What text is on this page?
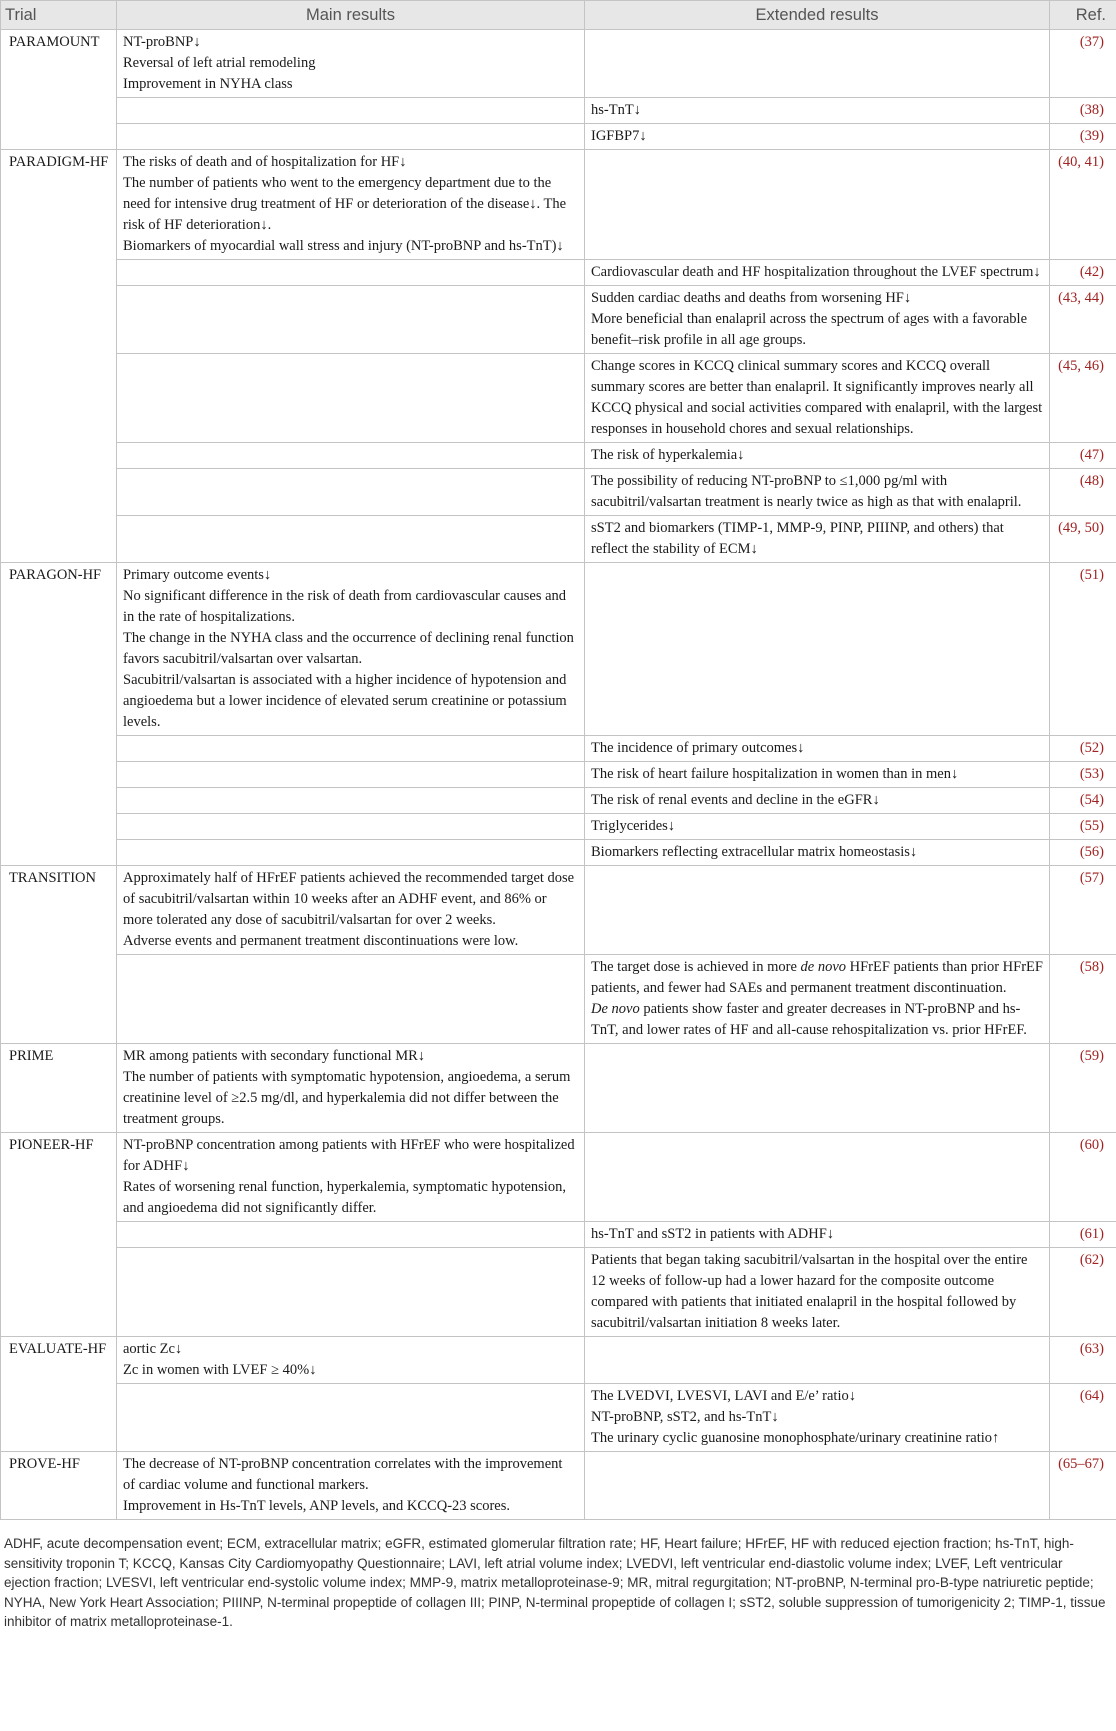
Trial	Main results	Extended results	Ref.
PARAMOUNT	NT-proBNP↓
Reversal of left atrial remodeling
Improvement in NYHA class		(37)

		hs-TnT↓	(38)

		IGFBP7↓	(39)
PARADIGM-HF	The risks of death and of hospitalization for HF↓
The number of patients who went to the emergency department due to the need for intensive drug treatment of HF or deterioration of the disease↓. The risk of HF deterioration↓.
Biomarkers of myocardial wall stress and injury (NT-proBNP and hs-TnT)↓		(40, 41)

		Cardiovascular death and HF hospitalization throughout the LVEF spectrum↓	(42)

		Sudden cardiac deaths and deaths from worsening HF↓
More beneficial than enalapril across the spectrum of ages with a favorable benefit–risk profile in all age groups.	(43, 44)

		Change scores in KCCQ clinical summary scores and KCCQ overall summary scores are better than enalapril. It significantly improves nearly all KCCQ physical and social activities compared with enalapril, with the largest responses in household chores and sexual relationships.	(45, 46)

		The risk of hyperkalemia↓	(47)

		The possibility of reducing NT-proBNP to ≤1,000 pg/ml with sacubitril/valsartan treatment is nearly twice as high as that with enalapril.	(48)

		sST2 and biomarkers (TIMP-1, MMP-9, PINP, PIIINP, and others) that reflect the stability of ECM↓	(49, 50)
PARAGON-HF	Primary outcome events↓
No significant difference in the risk of death from cardiovascular causes and in the rate of hospitalizations.
The change in the NYHA class and the occurrence of declining renal function favors sacubitril/valsartan over valsartan.
Sacubitril/valsartan is associated with a higher incidence of hypotension and angioedema but a lower incidence of elevated serum creatinine or potassium levels.		(51)

		The incidence of primary outcomes↓	(52)

		The risk of heart failure hospitalization in women than in men↓	(53)

		The risk of renal events and decline in the eGFR↓	(54)

		Triglycerides↓	(55)

		Biomarkers reflecting extracellular matrix homeostasis↓	(56)
TRANSITION	Approximately half of HFrEF patients achieved the recommended target dose of sacubitril/valsartan within 10 weeks after an ADHF event, and 86% or more tolerated any dose of sacubitril/valsartan for over 2 weeks.
Adverse events and permanent treatment discontinuations were low.		(57)

		The target dose is achieved in more de novo HFrEF patients than prior HFrEF patients, and fewer had SAEs and permanent treatment discontinuation.
De novo patients show faster and greater decreases in NT-proBNP and hs-TnT, and lower rates of HF and all-cause rehospitalization vs. prior HFrEF.	(58)
PRIME	MR among patients with secondary functional MR↓
The number of patients with symptomatic hypotension, angioedema, a serum creatinine level of ≥2.5 mg/dl, and hyperkalemia did not differ between the treatment groups.		(59)
PIONEER-HF	NT-proBNP concentration among patients with HFrEF who were hospitalized for ADHF↓
Rates of worsening renal function, hyperkalemia, symptomatic hypotension, and angioedema did not significantly differ.		(60)

		hs-TnT and sST2 in patients with ADHF↓	(61)

		Patients that began taking sacubitril/valsartan in the hospital over the entire 12 weeks of follow-up had a lower hazard for the composite outcome compared with patients that initiated enalapril in the hospital followed by sacubitril/valsartan initiation 8 weeks later.	(62)
EVALUATE-HF	aortic Zc↓
Zc in women with LVEF ≥ 40%↓		(63)

		The LVEDVI, LVESVI, LAVI and E/e’ ratio↓
NT-proBNP, sST2, and hs-TnT↓
The urinary cyclic guanosine monophosphate/urinary creatinine ratio↑	(64)
PROVE-HF	The decrease of NT-proBNP concentration correlates with the improvement of cardiac volume and functional markers.
Improvement in Hs-TnT levels, ANP levels, and KCCQ-23 scores.		(65–67)
ADHF, acute decompensation event; ECM, extracellular matrix; eGFR, estimated glomerular filtration rate; HF, Heart failure; HFrEF, HF with reduced ejection fraction; hs-TnT, high-sensitivity troponin T; KCCQ, Kansas City Cardiomyopathy Questionnaire; LAVI, left atrial volume index; LVEDVI, left ventricular end-diastolic volume index; LVEF, Left ventricular ejection fraction; LVESVI, left ventricular end-systolic volume index; MMP-9, matrix metalloproteinase-9; MR, mitral regurgitation; NT-proBNP, N-terminal pro-B-type natriuretic peptide; NYHA, New York Heart Association; PIIINP, N-terminal propeptide of collagen III; PINP, N-terminal propeptide of collagen I; sST2, soluble suppression of tumorigenicity 2; TIMP-1, tissue inhibitor of matrix metalloproteinase-1.
